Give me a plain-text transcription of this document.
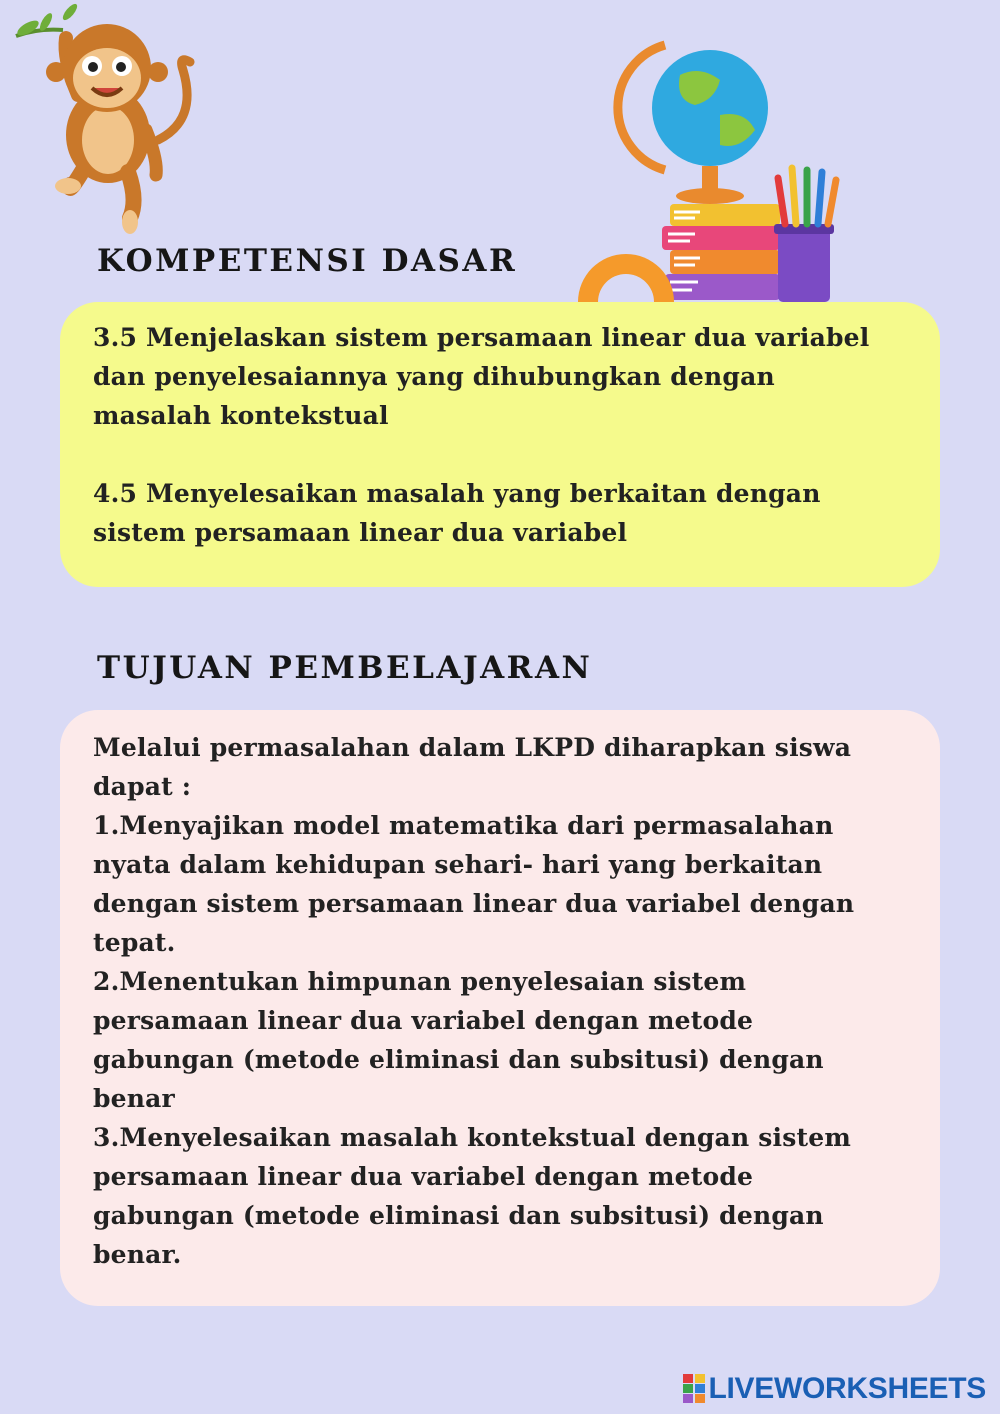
KOMPETENSI DASAR

3.5 Menjelaskan sistem persamaan linear dua variabel
dan penyelesaiannya yang dihubungkan dengan
masalah kontekstual

4.5 Menyelesaikan masalah yang berkaitan dengan
sistem persamaan linear dua variabel

TUJUAN PEMBELAJARAN

Melalui permasalahan dalam LKPD diharapkan siswa
dapat :
1.Menyajikan model matematika dari permasalahan
nyata dalam kehidupan sehari- hari yang berkaitan
dengan sistem persamaan linear dua variabel dengan
tepat.
2.Menentukan himpunan penyelesaian sistem
persamaan linear dua variabel dengan metode
gabungan (metode eliminasi dan subsitusi) dengan
benar
3.Menyelesaikan masalah kontekstual dengan sistem
persamaan linear dua variabel dengan metode
gabungan (metode eliminasi dan subsitusi) dengan
benar.

LIVEWORKSHEETS
